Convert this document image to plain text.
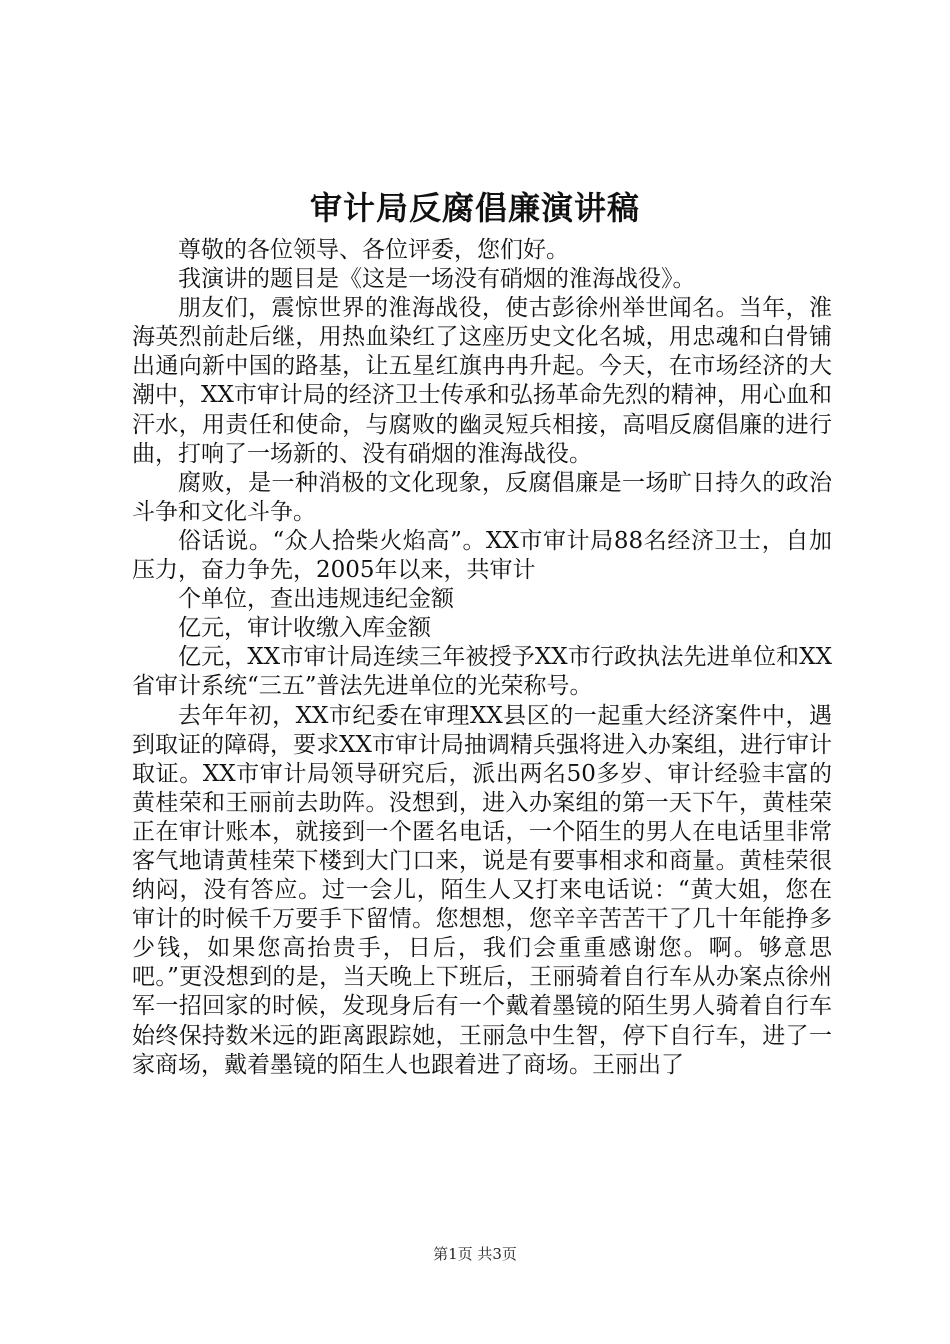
审计局反腐倡廉演讲稿

尊敬的各位领导、各位评委，您们好。

我演讲的题目是《这是一场没有硝烟的淮海战役》。

朋友们，震惊世界的淮海战役，使古彭徐州举世闻名。当年，淮海英烈前赴后继，用热血染红了这座历史文化名城，用忠魂和白骨铺出通向新中国的路基，让五星红旗冉冉升起。今天，在市场经济的大潮中，XX市审计局的经济卫士传承和弘扬革命先烈的精神，用心血和汗水，用责任和使命，与腐败的幽灵短兵相接，高唱反腐倡廉的进行曲，打响了一场新的、没有硝烟的淮海战役。

腐败，是一种消极的文化现象，反腐倡廉是一场旷日持久的政治斗争和文化斗争。

俗话说。“众人拾柴火焰高”。XX市审计局88名经济卫士，自加压力，奋力争先，2005年以来，共审计

个单位，查出违规违纪金额

亿元，审计收缴入库金额

亿元，XX市审计局连续三年被授予XX市行政执法先进单位和XX省审计系统“三五”普法先进单位的光荣称号。

去年年初，XX市纪委在审理XX县区的一起重大经济案件中，遇到取证的障碍，要求XX市审计局抽调精兵强将进入办案组，进行审计取证。XX市审计局领导研究后，派出两名50多岁、审计经验丰富的黄桂荣和王丽前去助阵。没想到，进入办案组的第一天下午，黄桂荣正在审计账本，就接到一个匿名电话，一个陌生的男人在电话里非常客气地请黄桂荣下楼到大门口来，说是有要事相求和商量。黄桂荣很纳闷，没有答应。过一会儿，陌生人又打来电话说：“黄大姐，您在审计的时候千万要手下留情。您想想，您辛辛苦苦干了几十年能挣多少钱，如果您高抬贵手，日后，我们会重重感谢您。啊。够意思吧。”更没想到的是，当天晚上下班后，王丽骑着自行车从办案点徐州军一招回家的时候，发现身后有一个戴着墨镜的陌生男人骑着自行车始终保持数米远的距离跟踪她，王丽急中生智，停下自行车，进了一家商场，戴着墨镜的陌生人也跟着进了商场。王丽出了

第1页 共3页
